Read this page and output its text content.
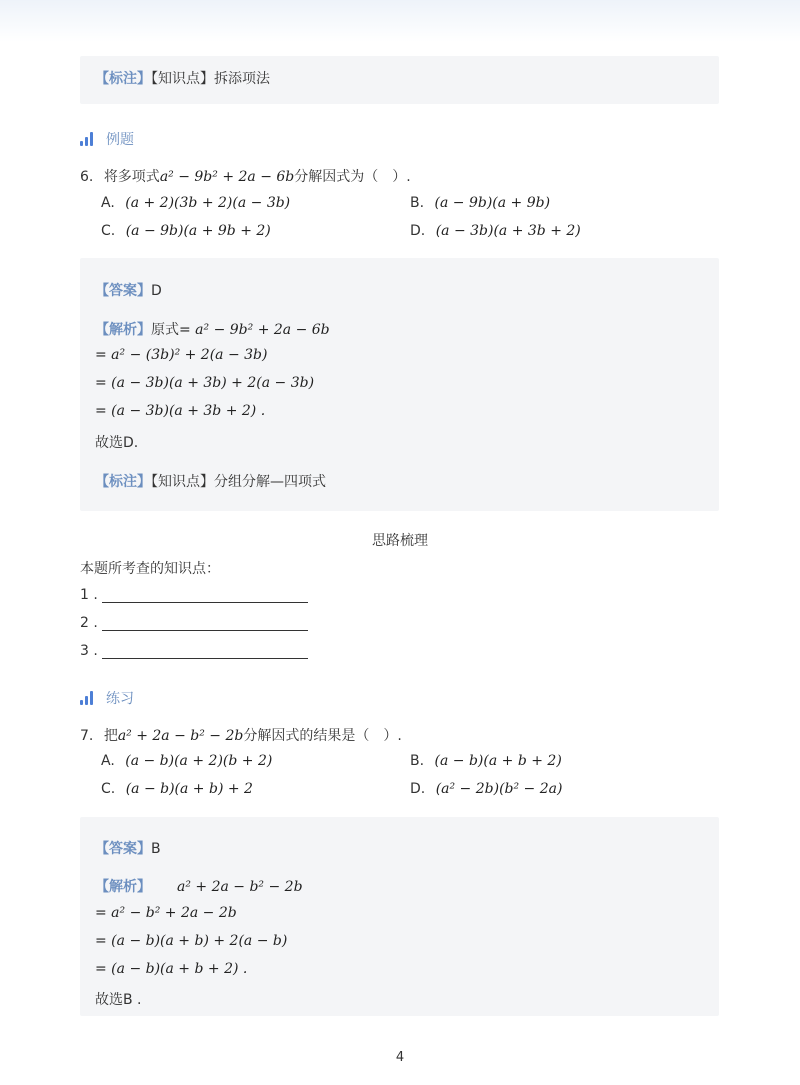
【标注】【知识点】拆添项法
例题
6. 将多项式a² − 9b² + 2a − 6b分解因式为（　）.
A. (a + 2)(3b + 2)(a − 3b)	B. (a − 9b)(a + 9b)
C. (a − 9b)(a + 9b + 2)	D. (a − 3b)(a + 3b + 2)
【答案】D
【解析】原式= a² − 9b² + 2a − 6b
= a² − (3b)² + 2(a − 3b)
= (a − 3b)(a + 3b) + 2(a − 3b)
= (a − 3b)(a + 3b + 2) .
故选D.
【标注】【知识点】分组分解—四项式
思路梳理
本题所考查的知识点：
1 .
2 .
3 .
练习
7. 把a² + 2a − b² − 2b分解因式的结果是（　）.
A. (a − b)(a + 2)(b + 2)	B. (a − b)(a + b + 2)
C. (a − b)(a + b) + 2	D. (a² − 2b)(b² − 2a)
【答案】B
【解析】 a² + 2a − b² − 2b
= a² − b² + 2a − 2b
= (a − b)(a + b) + 2(a − b)
= (a − b)(a + b + 2) .
故选B .
4
